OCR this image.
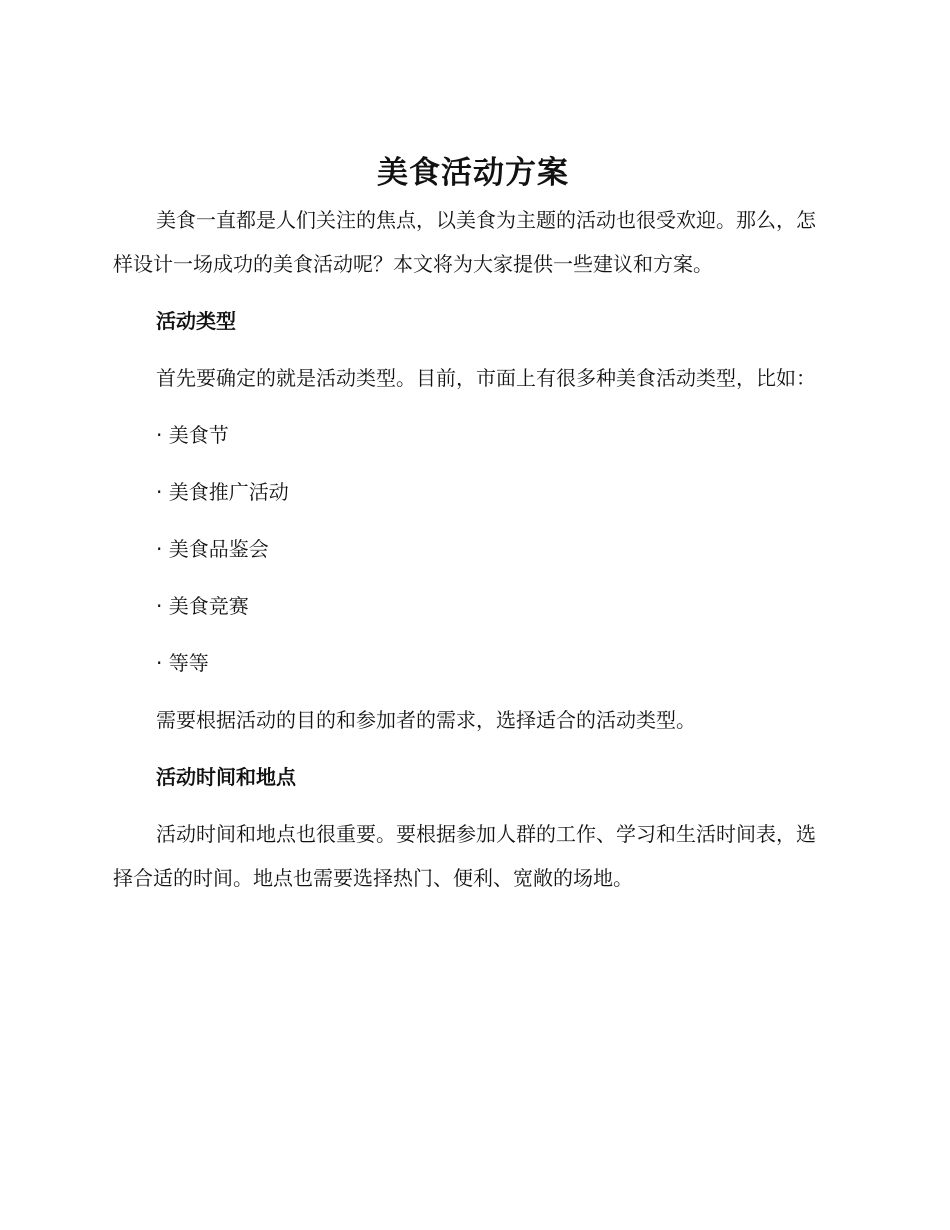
美食活动方案

美食一直都是人们关注的焦点，以美食为主题的活动也很受欢迎。那么，怎样设计一场成功的美食活动呢？本文将为大家提供一些建议和方案。

活动类型

首先要确定的就是活动类型。目前，市面上有很多种美食活动类型，比如：

· 美食节
· 美食推广活动
· 美食品鉴会
· 美食竞赛
· 等等

需要根据活动的目的和参加者的需求，选择适合的活动类型。

活动时间和地点

活动时间和地点也很重要。要根据参加人群的工作、学习和生活时间表，选择合适的时间。地点也需要选择热门、便利、宽敞的场地。
